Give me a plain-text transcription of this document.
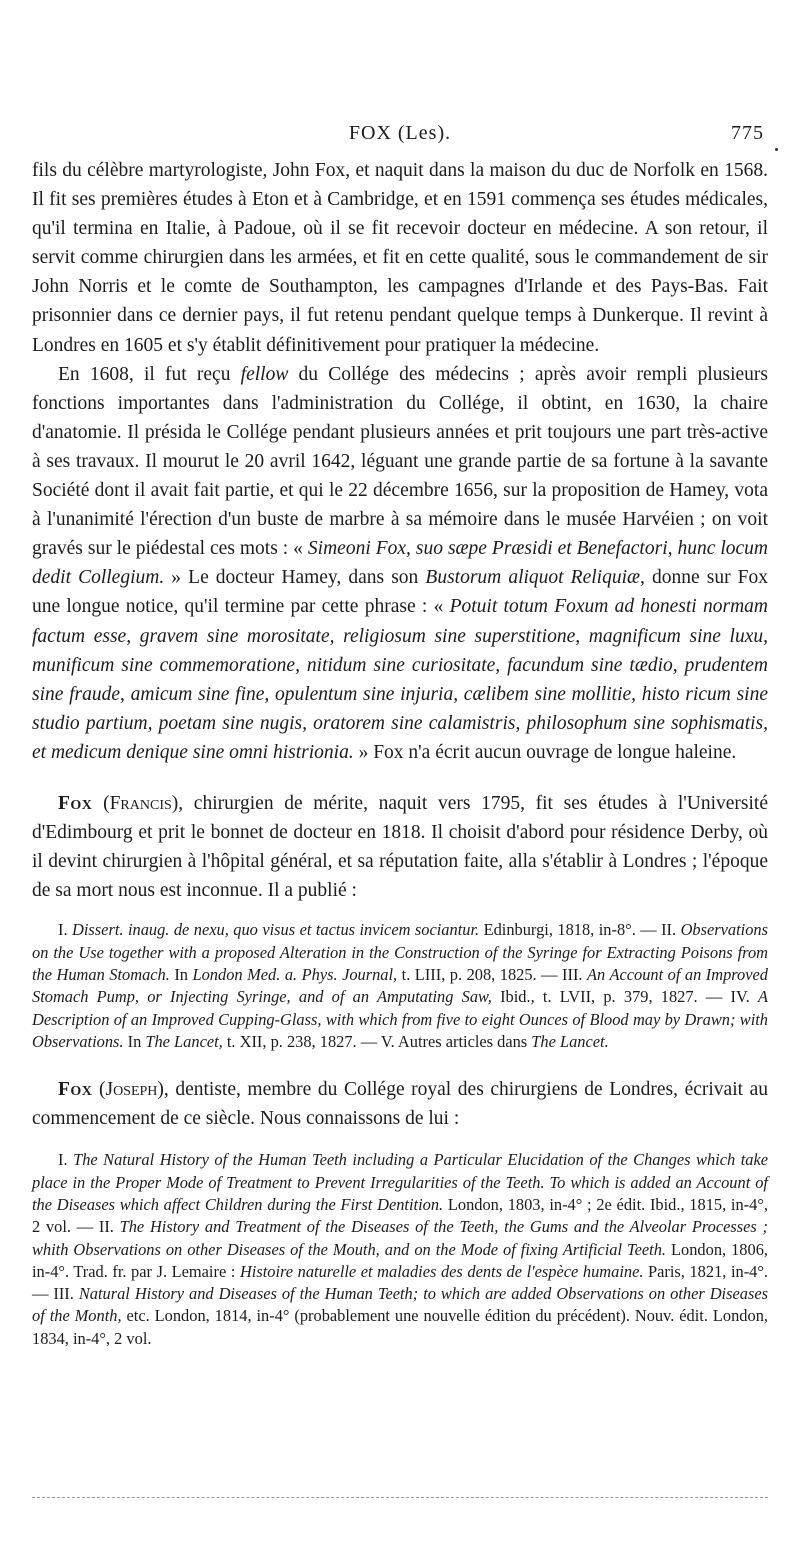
FOX (Les).	775

fils du célèbre martyrologiste, John Fox, et naquit dans la maison du duc de Norfolk en 1568. Il fit ses premières études à Eton et à Cambridge, et en 1591 commença ses études médicales, qu'il termina en Italie, à Padoue, où il se fit recevoir docteur en médecine. A son retour, il servit comme chirurgien dans les armées, et fit en cette qualité, sous le commandement de sir John Norris et le comte de Southampton, les campagnes d'Irlande et des Pays-Bas. Fait prisonnier dans ce dernier pays, il fut retenu pendant quelque temps à Dunkerque. Il revint à Londres en 1605 et s'y établit définitivement pour pratiquer la médecine.

En 1608, il fut reçu fellow du Collége des médecins ; après avoir rempli plusieurs fonctions importantes dans l'administration du Collége, il obtint, en 1630, la chaire d'anatomie. Il présida le Collége pendant plusieurs années et prit toujours une part très-active à ses travaux. Il mourut le 20 avril 1642, léguant une grande partie de sa fortune à la savante Société dont il avait fait partie, et qui le 22 décembre 1656, sur la proposition de Hamey, vota à l'unanimité l'érection d'un buste de marbre à sa mémoire dans le musée Harvéien ; on voit gravés sur le piédestal ces mots : « Simeoni Fox, suo sæpe Præsidi et Benefactori, hunc locum dedit Collegium. » Le docteur Hamey, dans son Bustorum aliquot Reliquiæ, donne sur Fox une longue notice, qu'il termine par cette phrase : « Potuit totum Foxum ad honesti normam factum esse, gravem sine morositate, religiosum sine superstitione, magnificum sine luxu, munificum sine commemoratione, nitidum sine curiositate, facundum sine tædio, prudentem sine fraude, amicum sine fine, opulentum sine injuria, cælibem sine mollitie, histo ricum sine studio partium, poetam sine nugis, oratorem sine calamistris, philosophum sine sophismatis, et medicum denique sine omni histrionia. » Fox n'a écrit aucun ouvrage de longue haleine.

Fox (Francis), chirurgien de mérite, naquit vers 1795, fit ses études à l'Université d'Edimbourg et prit le bonnet de docteur en 1818. Il choisit d'abord pour résidence Derby, où il devint chirurgien à l'hôpital général, et sa réputation faite, alla s'établir à Londres ; l'époque de sa mort nous est inconnue. Il a publié :

I. Dissert. inaug. de nexu, quo visus et tactus invicem sociantur. Edinburgi, 1818, in-8°. — II. Observations on the Use together with a proposed Alteration in the Construction of the Syringe for Extracting Poisons from the Human Stomach. In London Med. a. Phys. Journal, t. LIII, p. 208, 1825. — III. An Account of an Improved Stomach Pump, or Injecting Syringe, and of an Amputating Saw, Ibid., t. LVII, p. 379, 1827. — IV. A Description of an Improved Cupping-Glass, with which from five to eight Ounces of Blood may by Drawn; with Observations. In The Lancet, t. XII, p. 238, 1827. — V. Autres articles dans The Lancet.

Fox (Joseph), dentiste, membre du Collége royal des chirurgiens de Londres, écrivait au commencement de ce siècle. Nous connaissons de lui :

I. The Natural History of the Human Teeth including a Particular Elucidation of the Changes which take place in the Proper Mode of Treatment to Prevent Irregularities of the Teeth. To which is added an Account of the Diseases which affect Children during the First Dentition. London, 1803, in-4° ; 2e édit. Ibid., 1815, in-4°, 2 vol. — II. The History and Treatment of the Diseases of the Teeth, the Gums and the Alveolar Processes ; whith Observations on other Diseases of the Mouth, and on the Mode of fixing Artificial Teeth. London, 1806, in-4°. Trad. fr. par J. Lemaire : Histoire naturelle et maladies des dents de l'espèce humaine. Paris, 1821, in-4°. — III. Natural History and Diseases of the Human Teeth; to which are added Observations on other Diseases of the Month, etc. London, 1814, in-4° (probablement une nouvelle édition du précédent). Nouv. édit. London, 1834, in-4°, 2 vol.
